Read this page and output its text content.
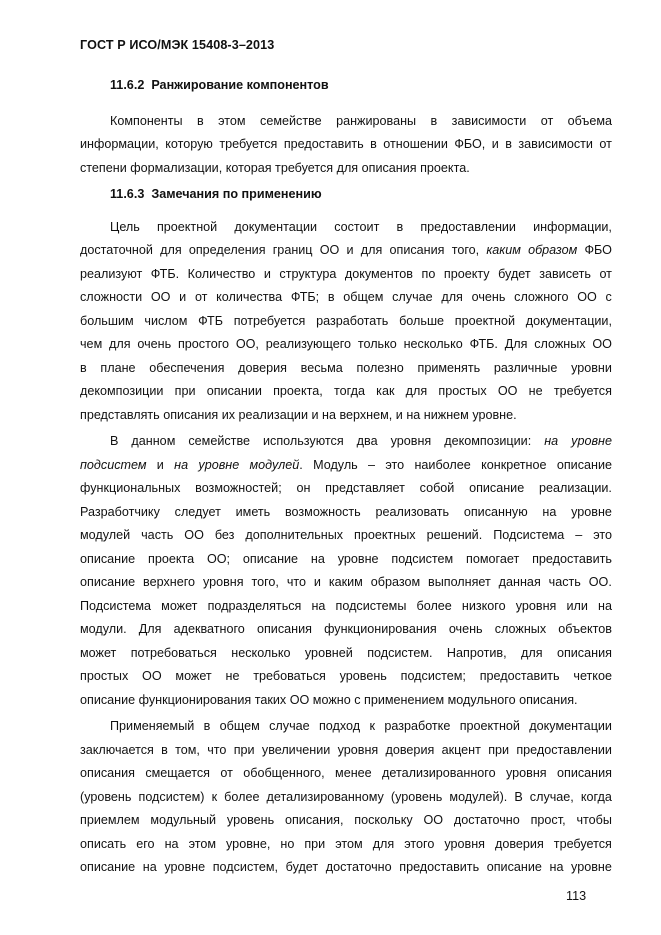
ГОСТ Р ИСО/МЭК 15408-3–2013
11.6.2 Ранжирование компонентов
Компоненты в этом семействе ранжированы в зависимости от объема
информации, которую требуется предоставить в отношении ФБО, и в зависимости от
степени формализации, которая требуется для описания проекта.
11.6.3 Замечания по применению
Цель проектной документации состоит в предоставлении информации,
достаточной для определения границ ОО и для описания того, каким образом ФБО
реализуют ФТБ. Количество и структура документов по проекту будет зависеть от
сложности ОО и от количества ФТБ; в общем случае для очень сложного ОО с
большим числом ФТБ потребуется разработать больше проектной документации,
чем для очень простого ОО, реализующего только несколько ФТБ. Для сложных ОО
в плане обеспечения доверия весьма полезно применять различные уровни
декомпозиции при описании проекта, тогда как для простых ОО не требуется
представлять описания их реализации и на верхнем, и на нижнем уровне.
В данном семействе используются два уровня декомпозиции: на уровне
подсистем и на уровне модулей. Модуль – это наиболее конкретное описание
функциональных возможностей; он представляет собой описание реализации.
Разработчику следует иметь возможность реализовать описанную на уровне
модулей часть ОО без дополнительных проектных решений. Подсистема – это
описание проекта ОО; описание на уровне подсистем помогает предоставить
описание верхнего уровня того, что и каким образом выполняет данная часть ОО.
Подсистема может подразделяться на подсистемы более низкого уровня или на
модули. Для адекватного описания функционирования очень сложных объектов
может потребоваться несколько уровней подсистем. Напротив, для описания
простых ОО может не требоваться уровень подсистем; предоставить четкое
описание функционирования таких ОО можно с применением модульного описания.
Применяемый в общем случае подход к разработке проектной документации
заключается в том, что при увеличении уровня доверия акцент при предоставлении
описания смещается от обобщенного, менее детализированного уровня описания
(уровень подсистем) к более детализированному (уровень модулей). В случае, когда
приемлем модульный уровень описания, поскольку ОО достаточно прост, чтобы
описать его на этом уровне, но при этом для этого уровня доверия требуется
описание на уровне подсистем, будет достаточно предоставить описание на уровне
113
